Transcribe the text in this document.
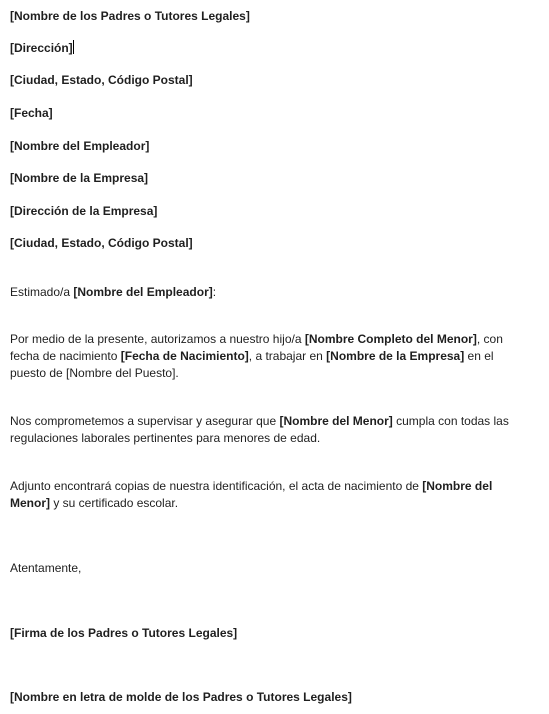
[Nombre de los Padres o Tutores Legales]
[Dirección]
[Ciudad, Estado, Código Postal]
[Fecha]
[Nombre del Empleador]
[Nombre de la Empresa]
[Dirección de la Empresa]
[Ciudad, Estado, Código Postal]
Estimado/a [Nombre del Empleador]:
Por medio de la presente, autorizamos a nuestro hijo/a [Nombre Completo del Menor], con fecha de nacimiento [Fecha de Nacimiento], a trabajar en [Nombre de la Empresa] en el puesto de [Nombre del Puesto].
Nos comprometemos a supervisar y asegurar que [Nombre del Menor] cumpla con todas las regulaciones laborales pertinentes para menores de edad.
Adjunto encontrará copias de nuestra identificación, el acta de nacimiento de [Nombre del Menor] y su certificado escolar.
Atentamente,
[Firma de los Padres o Tutores Legales]
[Nombre en letra de molde de los Padres o Tutores Legales]
